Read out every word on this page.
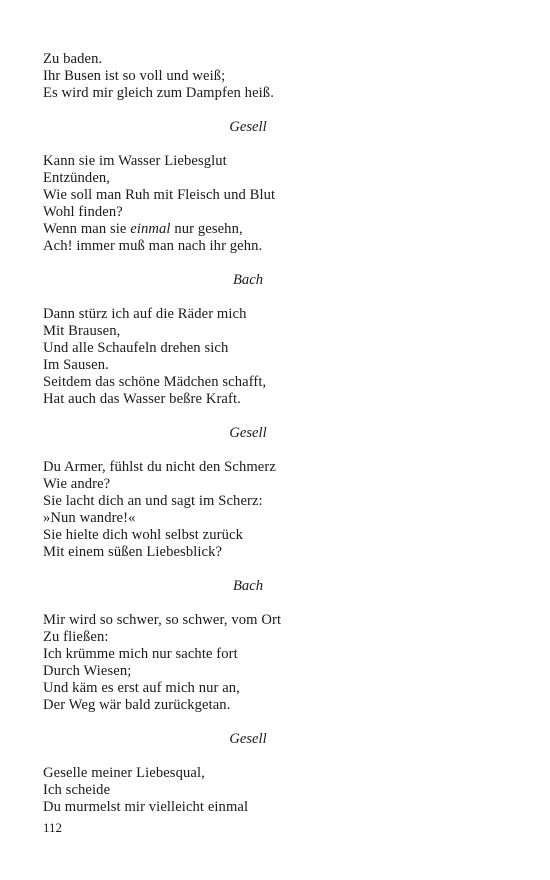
Zu baden.
Ihr Busen ist so voll und weiß;
Es wird mir gleich zum Dampfen heiß.
Gesell
Kann sie im Wasser Liebesglut
Entzünden,
Wie soll man Ruh mit Fleisch und Blut
Wohl finden?
Wenn man sie einmal nur gesehn,
Ach! immer muß man nach ihr gehn.
Bach
Dann stürz ich auf die Räder mich
Mit Brausen,
Und alle Schaufeln drehen sich
Im Sausen.
Seitdem das schöne Mädchen schafft,
Hat auch das Wasser beßre Kraft.
Gesell
Du Armer, fühlst du nicht den Schmerz
Wie andre?
Sie lacht dich an und sagt im Scherz:
»Nun wandre!«
Sie hielte dich wohl selbst zurück
Mit einem süßen Liebesblick?
Bach
Mir wird so schwer, so schwer, vom Ort
Zu fließen:
Ich krümme mich nur sachte fort
Durch Wiesen;
Und käm es erst auf mich nur an,
Der Weg wär bald zurückgetan.
Gesell
Geselle meiner Liebesqual,
Ich scheide
Du murmelst mir vielleicht einmal
112
